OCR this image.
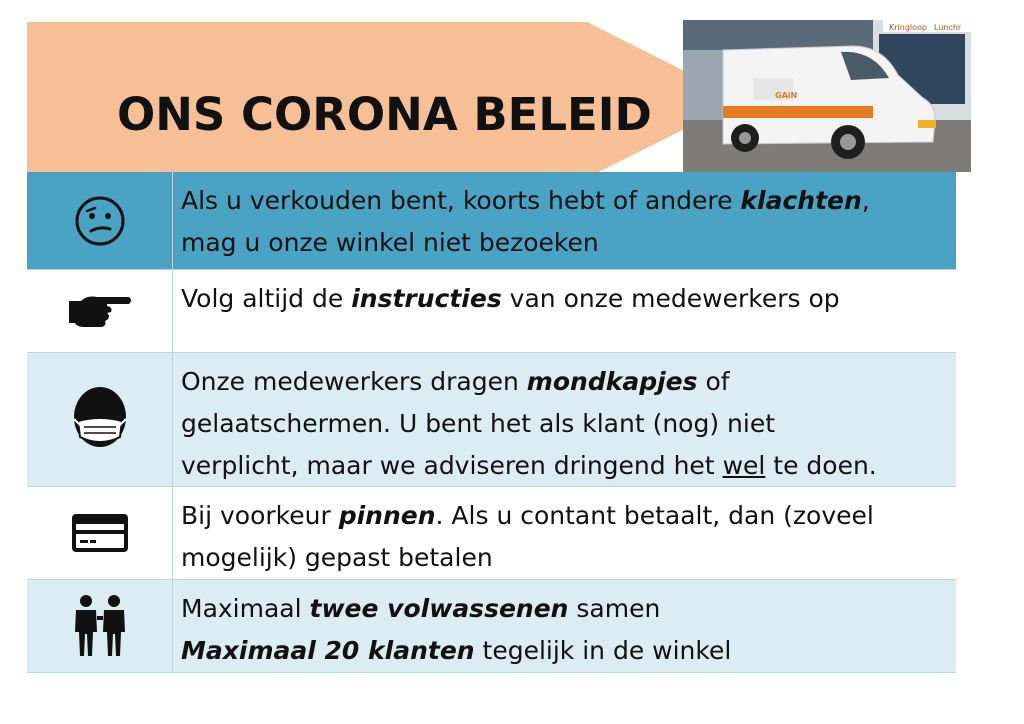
ONS CORONA BELEID
Kringloop Lunchr
GAiN
Als u verkouden bent, koorts hebt of andere klachten,
mag u onze winkel niet bezoeken
Volg altijd de instructies van onze medewerkers op
Onze medewerkers dragen mondkapjes of
gelaatschermen. U bent het als klant (nog) niet
verplicht, maar we adviseren dringend het wel te doen.
Bij voorkeur pinnen. Als u contant betaalt, dan (zoveel
mogelijk) gepast betalen
Maximaal twee volwassenen samen
Maximaal 20 klanten tegelijk in de winkel
